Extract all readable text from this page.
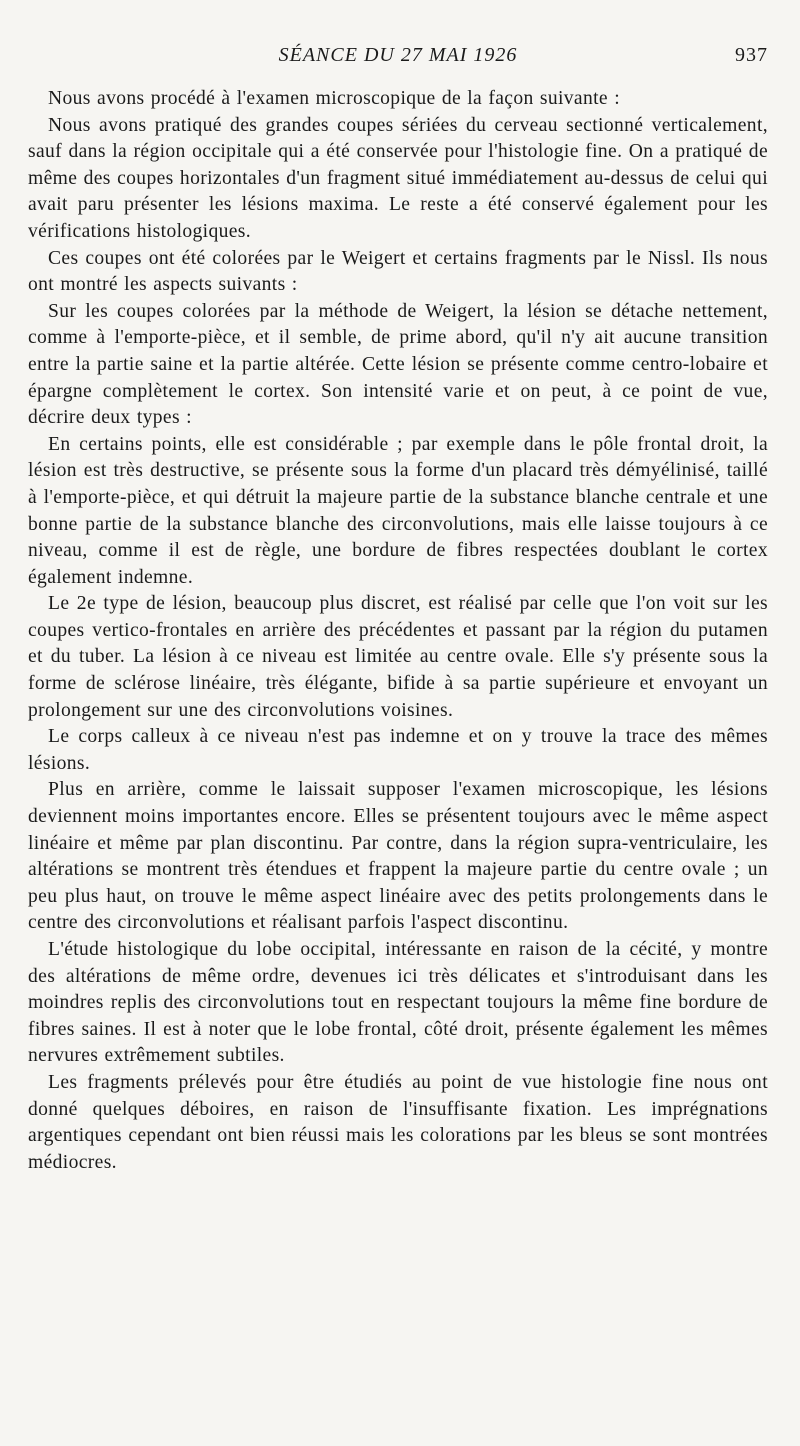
SÉANCE DU 27 MAI 1926	937

Nous avons procédé à l'examen microscopique de la façon suivante :

Nous avons pratiqué des grandes coupes sériées du cerveau sectionné verticalement, sauf dans la région occipitale qui a été conservée pour l'histologie fine. On a pratiqué de même des coupes horizontales d'un fragment situé immédiatement au-dessus de celui qui avait paru présenter les lésions maxima. Le reste a été conservé également pour les vérifications histologiques.

Ces coupes ont été colorées par le Weigert et certains fragments par le Nissl. Ils nous ont montré les aspects suivants :

Sur les coupes colorées par la méthode de Weigert, la lésion se détache nettement, comme à l'emporte-pièce, et il semble, de prime abord, qu'il n'y ait aucune transition entre la partie saine et la partie altérée. Cette lésion se présente comme centro-lobaire et épargne complètement le cortex. Son intensité varie et on peut, à ce point de vue, décrire deux types :

En certains points, elle est considérable ; par exemple dans le pôle frontal droit, la lésion est très destructive, se présente sous la forme d'un placard très démyélinisé, taillé à l'emporte-pièce, et qui détruit la majeure partie de la substance blanche centrale et une bonne partie de la substance blanche des circonvolutions, mais elle laisse toujours à ce niveau, comme il est de règle, une bordure de fibres respectées doublant le cortex également indemne.

Le 2e type de lésion, beaucoup plus discret, est réalisé par celle que l'on voit sur les coupes vertico-frontales en arrière des précédentes et passant par la région du putamen et du tuber. La lésion à ce niveau est limitée au centre ovale. Elle s'y présente sous la forme de sclérose linéaire, très élégante, bifide à sa partie supérieure et envoyant un prolongement sur une des circonvolutions voisines.

Le corps calleux à ce niveau n'est pas indemne et on y trouve la trace des mêmes lésions.

Plus en arrière, comme le laissait supposer l'examen microscopique, les lésions deviennent moins importantes encore. Elles se présentent toujours avec le même aspect linéaire et même par plan discontinu. Par contre, dans la région supra-ventriculaire, les altérations se montrent très étendues et frappent la majeure partie du centre ovale ; un peu plus haut, on trouve le même aspect linéaire avec des petits prolongements dans le centre des circonvolutions et réalisant parfois l'aspect discontinu.

L'étude histologique du lobe occipital, intéressante en raison de la cécité, y montre des altérations de même ordre, devenues ici très délicates et s'introduisant dans les moindres replis des circonvolutions tout en respectant toujours la même fine bordure de fibres saines. Il est à noter que le lobe frontal, côté droit, présente également les mêmes nervures extrêmement subtiles.

Les fragments prélevés pour être étudiés au point de vue histologie fine nous ont donné quelques déboires, en raison de l'insuffisante fixation. Les imprégnations argentiques cependant ont bien réussi mais les colorations par les bleus se sont montrées médiocres.
